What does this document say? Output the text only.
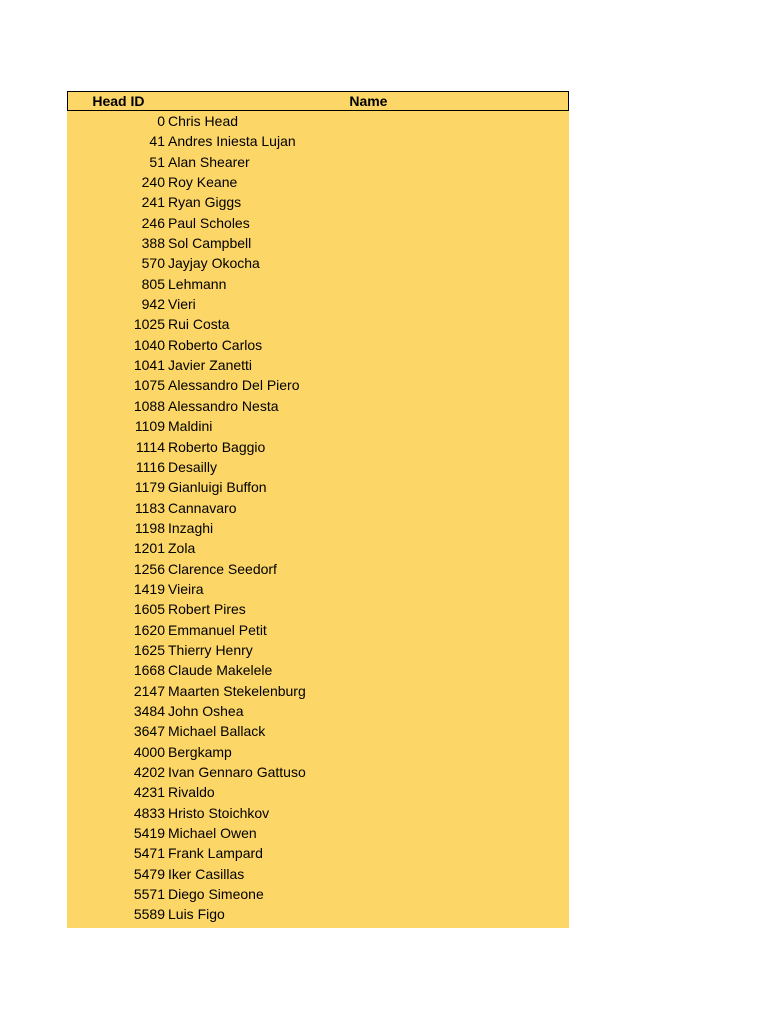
Head ID	Name
0 Chris Head
41 Andres Iniesta Lujan
51 Alan Shearer
240 Roy Keane
241 Ryan Giggs
246 Paul Scholes
388 Sol Campbell
570 Jayjay Okocha
805 Lehmann
942 Vieri
1025 Rui Costa
1040 Roberto Carlos
1041 Javier Zanetti
1075 Alessandro Del Piero
1088 Alessandro Nesta
1109 Maldini
1114 Roberto Baggio
1116 Desailly
1179 Gianluigi Buffon
1183 Cannavaro
1198 Inzaghi
1201 Zola
1256 Clarence Seedorf
1419 Vieira
1605 Robert Pires
1620 Emmanuel Petit
1625 Thierry Henry
1668 Claude Makelele
2147 Maarten Stekelenburg
3484 John Oshea
3647 Michael Ballack
4000 Bergkamp
4202 Ivan Gennaro Gattuso
4231 Rivaldo
4833 Hristo Stoichkov
5419 Michael Owen
5471 Frank Lampard
5479 Iker Casillas
5571 Diego Simeone
5589 Luis Figo
